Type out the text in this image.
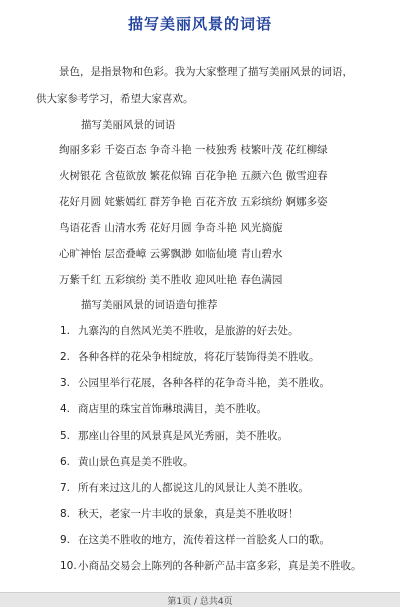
描写美丽风景的词语
景色，是指景物和色彩。我为大家整理了描写美丽风景的词语，
供大家参考学习，希望大家喜欢。
描写美丽风景的词语
绚丽多彩 千姿百态 争奇斗艳 一枝独秀 枝繁叶茂 花红柳绿
火树银花 含苞欲放 繁花似锦 百花争艳 五颜六色 傲雪迎春
花好月圆 姹紫嫣红 群芳争艳 百花齐放 五彩缤纷 婀娜多姿
鸟语花香 山清水秀 花好月圆 争奇斗艳 风光旖旎
心旷神怡 层峦叠嶂 云雾飘渺 如临仙境 青山碧水
万紫千红 五彩缤纷 美不胜收 迎风吐艳 春色满园
描写美丽风景的词语造句推荐
1. 九寨沟的自然风光美不胜收，是旅游的好去处。
2. 各种各样的花朵争相绽放，将花厅装饰得美不胜收。
3. 公园里举行花展，各种各样的花争奇斗艳，美不胜收。
4. 商店里的珠宝首饰琳琅满目，美不胜收。
5. 那座山谷里的风景真是风光秀丽，美不胜收。
6. 黄山景色真是美不胜收。
7. 所有来过这儿的人都说这儿的风景让人美不胜收。
8. 秋天，老家一片丰收的景象，真是美不胜收呀！
9. 在这美不胜收的地方，流传着这样一首脍炙人口的歌。
10.小商品交易会上陈列的各种新产品丰富多彩，真是美不胜收。
第1页 / 总共4页
